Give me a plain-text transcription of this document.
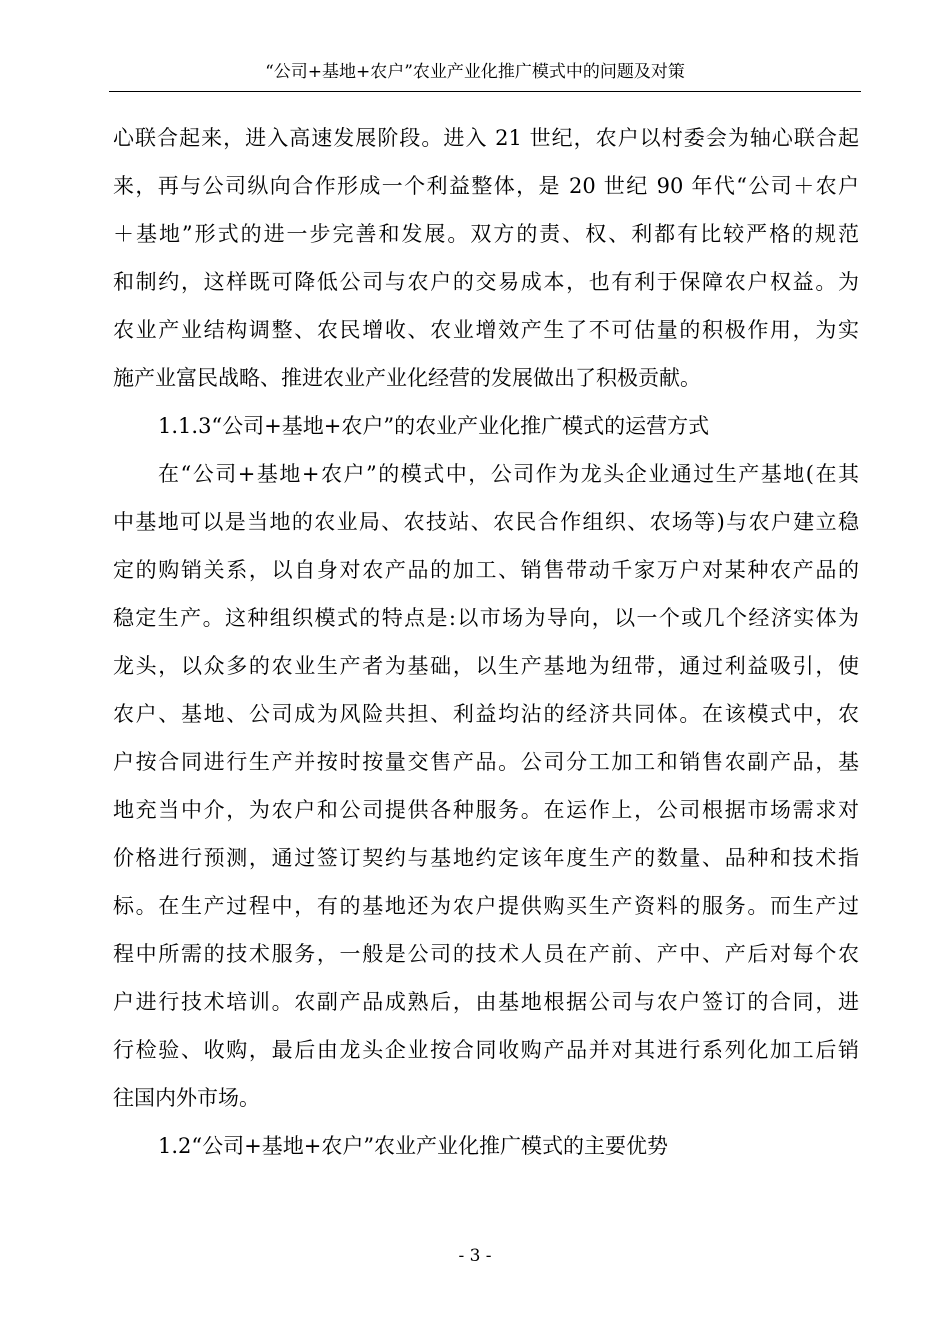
“公司+基地+农户”农业产业化推广模式中的问题及对策
心联合起来，进入高速发展阶段。进入 21 世纪，农户以村委会为轴心联合起
来，再与公司纵向合作形成一个利益整体，是 20 世纪 90 年代“公司＋农户
＋基地”形式的进一步完善和发展。双方的责、权、利都有比较严格的规范
和制约，这样既可降低公司与农户的交易成本，也有利于保障农户权益。为
农业产业结构调整、农民增收、农业增效产生了不可估量的积极作用，为实
施产业富民战略、推进农业产业化经营的发展做出了积极贡献。
1.1.3“公司+基地+农户”的农业产业化推广模式的运营方式
在“公司+基地+农户”的模式中，公司作为龙头企业通过生产基地(在其
中基地可以是当地的农业局、农技站、农民合作组织、农场等)与农户建立稳
定的购销关系，以自身对农产品的加工、销售带动千家万户对某种农产品的
稳定生产。这种组织模式的特点是:以市场为导向，以一个或几个经济实体为
龙头，以众多的农业生产者为基础，以生产基地为纽带，通过利益吸引，使
农户、基地、公司成为风险共担、利益均沾的经济共同体。在该模式中，农
户按合同进行生产并按时按量交售产品。公司分工加工和销售农副产品，基
地充当中介，为农户和公司提供各种服务。在运作上，公司根据市场需求对
价格进行预测，通过签订契约与基地约定该年度生产的数量、品种和技术指
标。在生产过程中，有的基地还为农户提供购买生产资料的服务。而生产过
程中所需的技术服务，一般是公司的技术人员在产前、产中、产后对每个农
户进行技术培训。农副产品成熟后，由基地根据公司与农户签订的合同，进
行检验、收购，最后由龙头企业按合同收购产品并对其进行系列化加工后销
往国内外市场。
1.2“公司+基地+农户”农业产业化推广模式的主要优势
- 3 -
